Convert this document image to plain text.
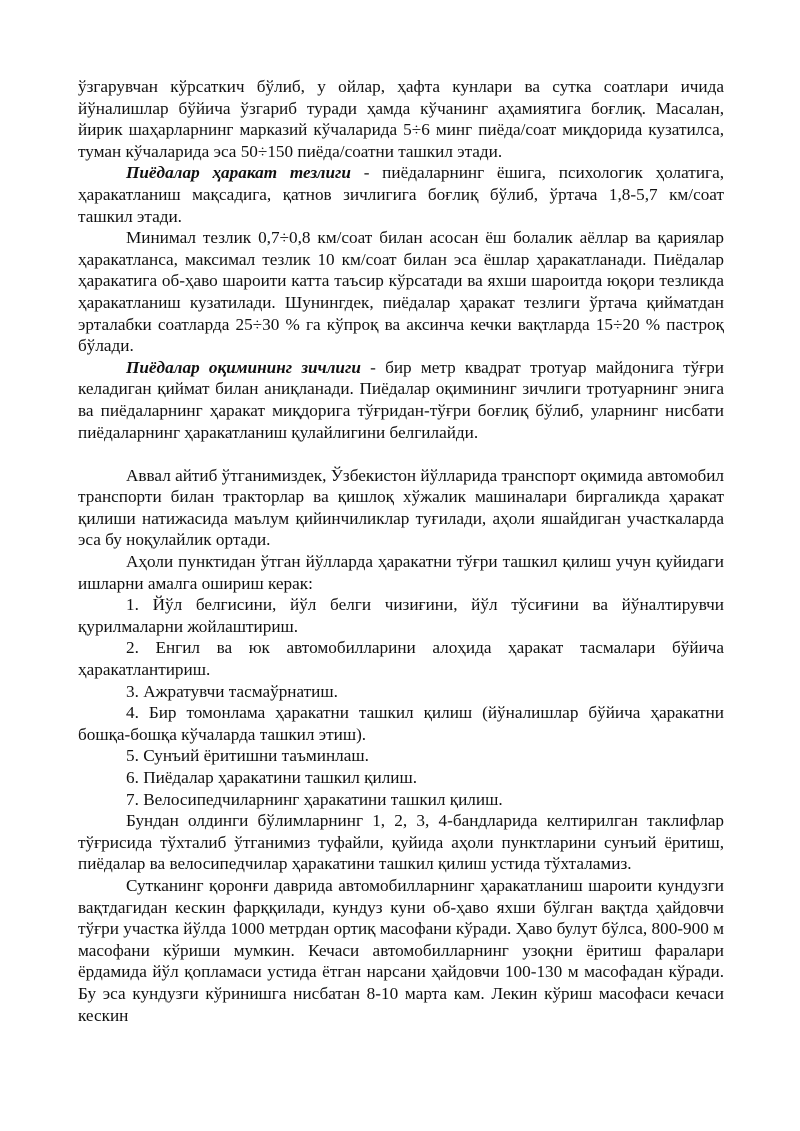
ўзгарувчан кўрсаткич бўлиб, у ойлар, ҳафта кунлари ва сутка соатлари ичида йўналишлар бўйича ўзгариб туради ҳамда кўчанинг аҳамиятига боғлиқ. Масалан, йирик шаҳарларнинг марказий кўчаларида 5÷6 минг пиёда/соат миқдорида кузатилса, туман кўчаларида эса 50÷150 пиёда/соатни ташкил этади.

Пиёдалар ҳаракат тезлиги - пиёдаларнинг ёшига, психологик ҳолатига, ҳаракатланиш мақсадига, қатнов зичлигига боғлиқ бўлиб, ўртача 1,8-5,7 км/соат ташкил этади.

Минимал тезлик 0,7÷0,8 км/соат билан асосан ёш болалик аёллар ва қариялар ҳаракатланса, максимал тезлик 10 км/соат билан эса ёшлар ҳаракатланади. Пиёдалар ҳаракатига об-ҳаво шароити катта таъсир кўрсатади ва яхши шароитда юқори тезликда ҳаракатланиш кузатилади. Шунингдек, пиёдалар ҳаракат тезлиги ўртача қийматдан эрталабки соатларда 25÷30 % га кўпроқ ва аксинча кечки вақтларда 15÷20 % пастроқ бўлади.

Пиёдалар оқимининг зичлиги - бир метр квадрат тротуар майдонига тўғри келадиган қиймат билан аниқланади. Пиёдалар оқимининг зичлиги тротуарнинг энига ва пиёдаларнинг ҳаракат миқдорига тўғридан-тўғри боғлиқ бўлиб, уларнинг нисбати пиёдаларнинг ҳаракатланиш қулайлигини белгилайди.

Аввал айтиб ўтганимиздек, Ўзбекистон йўлларида транспорт оқимида автомобил транспорти билан тракторлар ва қишлоқ хўжалик машиналари биргаликда ҳаракат қилиши натижасида маълум қийинчиликлар туғилади, аҳоли яшайдиган участкаларда эса бу ноқулайлик ортади.

Аҳоли пунктидан ўтган йўлларда ҳаракатни тўғри ташкил қилиш учун қуйидаги ишларни амалга ошириш керак:

1. Йўл белгисини, йўл белги чизиғини, йўл тўсиғини ва йўналтирувчи қурилмаларни жойлаштириш.

2. Енгил ва юк автомобилларини алоҳида ҳаракат тасмалари бўйича ҳаракатлантириш.

3. Ажратувчи тасмаўрнатиш.

4. Бир томонлама ҳаракатни ташкил қилиш (йўналишлар бўйича ҳаракатни бошқа-бошқа кўчаларда ташкил этиш).

5. Сунъий ёритишни таъминлаш.

6. Пиёдалар ҳаракатини ташкил қилиш.

7. Велосипедчиларнинг ҳаракатини ташкил қилиш.

Бундан олдинги бўлимларнинг 1, 2, 3, 4-бандларида келтирилган таклифлар тўғрисида тўхталиб ўтганимиз туфайли, қуйида аҳоли пунктларини сунъий ёритиш, пиёдалар ва велосипедчилар ҳаракатини ташкил қилиш устида тўхталамиз.

Сутканинг қоронғи даврида автомобилларнинг ҳаракатланиш шароити кундузги вақтдагидан кескин фарққилади, кундуз куни об-ҳаво яхши бўлган вақтда ҳайдовчи тўғри участка йўлда 1000 метрдан ортиқ масофани кўради. Ҳаво булут бўлса, 800-900 м масофани кўриши мумкин. Кечаси автомобилларнинг узоқни ёритиш фаралари ёрдамида йўл қопламаси устида ётган нарсани ҳайдовчи 100-130 м масофадан кўради. Бу эса кундузги кўринишга нисбатан 8-10 марта кам. Лекин кўриш масофаси кечаси кескин
